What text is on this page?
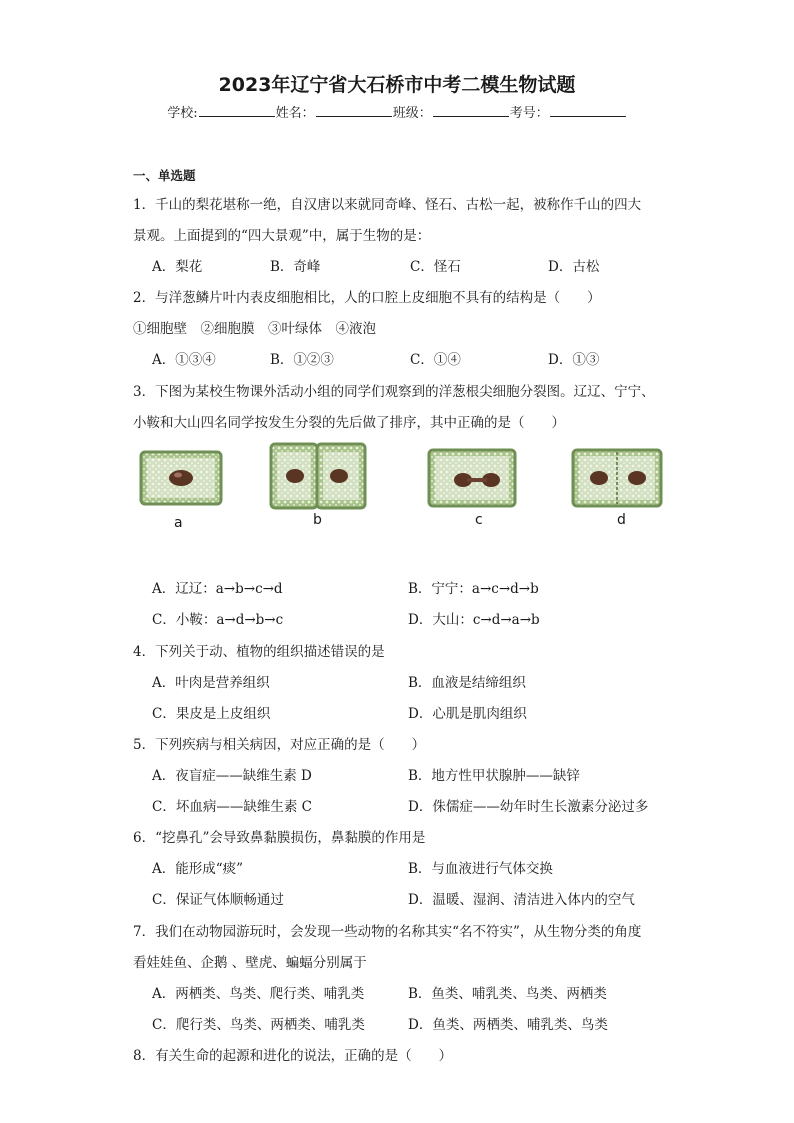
2023年辽宁省大石桥市中考二模生物试题
学校:	姓名：	班级：	考号：
一、单选题
1．千山的梨花堪称一绝，自汉唐以来就同奇峰、怪石、古松一起，被称作千山的四大
景观。上面提到的“四大景观”中，属于生物的是：
A．梨花	B．奇峰	C．怪石	D．古松
2．与洋葱鳞片叶内表皮细胞相比，人的口腔上皮细胞不具有的结构是（　　）
①细胞壁　②细胞膜　③叶绿体　④液泡
A．①③④	B．①②③	C．①④	D．①③
3．下图为某校生物课外活动小组的同学们观察到的洋葱根尖细胞分裂图。辽辽、宁宁、
小鞍和大山四名同学按发生分裂的先后做了排序，其中正确的是（　　）
a	b	c	d
A．辽辽：a→b→c→d	B．宁宁：a→c→d→b
C．小鞍：a→d→b→c	D．大山：c→d→a→b
4．下列关于动、植物的组织描述错误的是
A．叶肉是营养组织	B．血液是结缔组织
C．果皮是上皮组织	D．心肌是肌肉组织
5．下列疾病与相关病因，对应正确的是（　　）
A．夜盲症——缺维生素 D	B．地方性甲状腺肿——缺锌
C．坏血病——缺维生素 C	D．侏儒症——幼年时生长激素分泌过多
6．“挖鼻孔”会导致鼻黏膜损伤，鼻黏膜的作用是
A．能形成“痰”	B．与血液进行气体交换
C．保证气体顺畅通过	D．温暖、湿润、清洁进入体内的空气
7．我们在动物园游玩时，会发现一些动物的名称其实“名不符实”，从生物分类的角度
看娃娃鱼、企鹅 、壁虎、蝙蝠分别属于
A．两栖类、鸟类、爬行类、哺乳类	B．鱼类、哺乳类、鸟类、两栖类
C．爬行类、鸟类、两栖类、哺乳类	D．鱼类、两栖类、哺乳类、鸟类
8．有关生命的起源和进化的说法，正确的是（　　）
